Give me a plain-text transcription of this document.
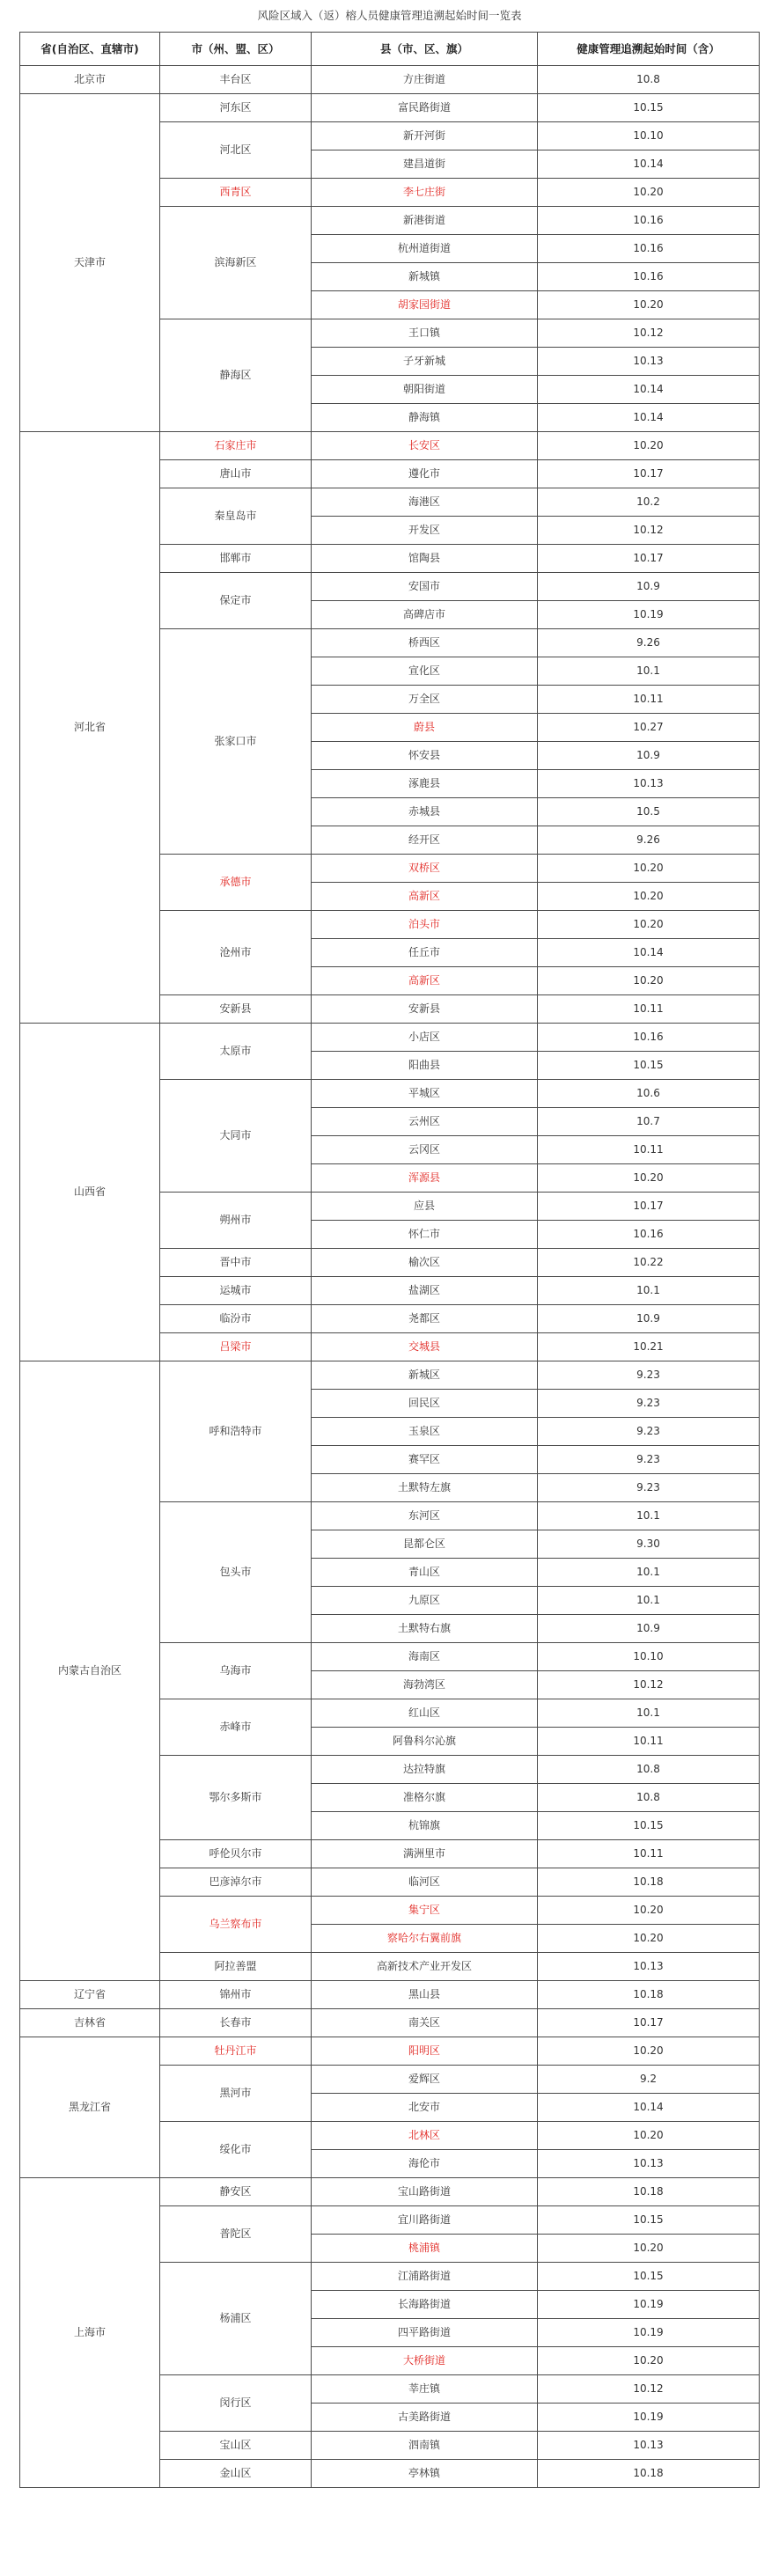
风险区域入（返）榕人员健康管理追溯起始时间一览表
省(自治区、直辖市)	市（州、盟、区）	县（市、区、旗）	健康管理追溯起始时间（含）
北京市	丰台区	方庄街道	10.8
天津市	河东区	富民路街道	10.15
	河北区	新开河街	10.10
		建昌道街	10.14
	西青区	李七庄街	10.20
	滨海新区	新港街道	10.16
		杭州道街道	10.16
		新城镇	10.16
		胡家园街道	10.20
	静海区	王口镇	10.12
		子牙新城	10.13
		朝阳街道	10.14
		静海镇	10.14
河北省	石家庄市	长安区	10.20
	唐山市	遵化市	10.17
	秦皇岛市	海港区	10.2
		开发区	10.12
	邯郸市	馆陶县	10.17
	保定市	安国市	10.9
		高碑店市	10.19
	张家口市	桥西区	9.26
		宣化区	10.1
		万全区	10.11
		蔚县	10.27
		怀安县	10.9
		涿鹿县	10.13
		赤城县	10.5
		经开区	9.26
	承德市	双桥区	10.20
		高新区	10.20
	沧州市	泊头市	10.20
		任丘市	10.14
		高新区	10.20
	安新县	安新县	10.11
山西省	太原市	小店区	10.16
		阳曲县	10.15
	大同市	平城区	10.6
		云州区	10.7
		云冈区	10.11
		浑源县	10.20
	朔州市	应县	10.17
		怀仁市	10.16
	晋中市	榆次区	10.22
	运城市	盐湖区	10.1
	临汾市	尧都区	10.9
	吕梁市	交城县	10.21
内蒙古自治区	呼和浩特市	新城区	9.23
		回民区	9.23
		玉泉区	9.23
		赛罕区	9.23
		土默特左旗	9.23
	包头市	东河区	10.1
		昆都仑区	9.30
		青山区	10.1
		九原区	10.1
		土默特右旗	10.9
	乌海市	海南区	10.10
		海勃湾区	10.12
	赤峰市	红山区	10.1
		阿鲁科尔沁旗	10.11
	鄂尔多斯市	达拉特旗	10.8
		准格尔旗	10.8
		杭锦旗	10.15
	呼伦贝尔市	满洲里市	10.11
	巴彦淖尔市	临河区	10.18
	乌兰察布市	集宁区	10.20
		察哈尔右翼前旗	10.20
	阿拉善盟	高新技术产业开发区	10.13
辽宁省	锦州市	黑山县	10.18
吉林省	长春市	南关区	10.17
黑龙江省	牡丹江市	阳明区	10.20
	黑河市	爱辉区	9.2
		北安市	10.14
	绥化市	北林区	10.20
		海伦市	10.13
上海市	静安区	宝山路街道	10.18
	普陀区	宜川路街道	10.15
		桃浦镇	10.20
	杨浦区	江浦路街道	10.15
		长海路街道	10.19
		四平路街道	10.19
		大桥街道	10.20
	闵行区	莘庄镇	10.12
		古美路街道	10.19
	宝山区	泗南镇	10.13
	金山区	亭林镇	10.18
